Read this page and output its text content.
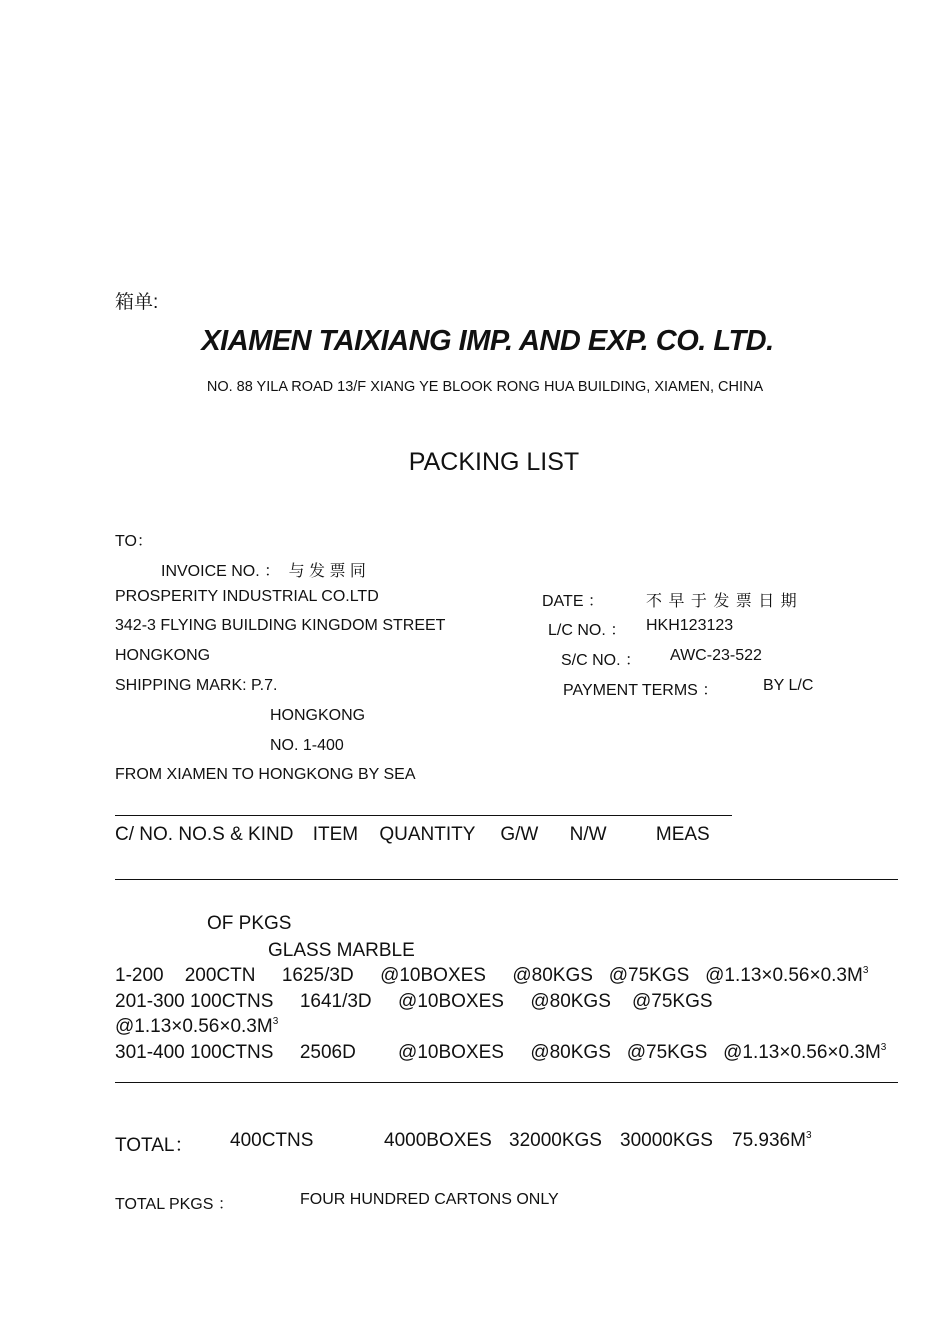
箱单:
XIAMEN TAIXIANG IMP. AND EXP. CO. LTD.
NO. 88 YILA ROAD 13/F XIANG YE BLOOK RONG HUA BUILDING, XIAMEN, CHINA
PACKING LIST
TO：
INVOICE NO. ： 与 发 票 同
PROSPERITY INDUSTRIAL CO.LTD
342-3 FLYING BUILDING KINGDOM STREET
HONGKONG
SHIPPING MARK: P.7.
HONGKONG
NO. 1-400
FROM XIAMEN TO HONGKONG BY SEA
DATE ：	不 早 于 发 票 日 期
L/C NO. ： HKH123123
S/C NO. ： AWC-23-522
PAYMENT TERMS ：	BY L/C
C/ NO. NO.S & KIND ITEM QUANTITY G/W N/W	MEAS
OF PKGS
GLASS MARBLE
1-200    200CTN     1625/3D     @10BOXES     @80KGS   @75KGS   $@1.13\times 0.56\times 0.3M^3$
201-300 100CTNS     1641/3D     @10BOXES     @80KGS    @75KGS
$@1.13\times 0.56\times 0.3M^3$
301-400 100CTNS     2506D        @10BOXES     @80KGS   @75KGS   $@1.13\times 0.56\times 0.3M^3$
TOTAL： 400CTNS	4000BOXES 32000KGS 30000KGS $75.936M^3$
TOTAL PKGS ：	FOUR HUNDRED CARTONS ONLY
